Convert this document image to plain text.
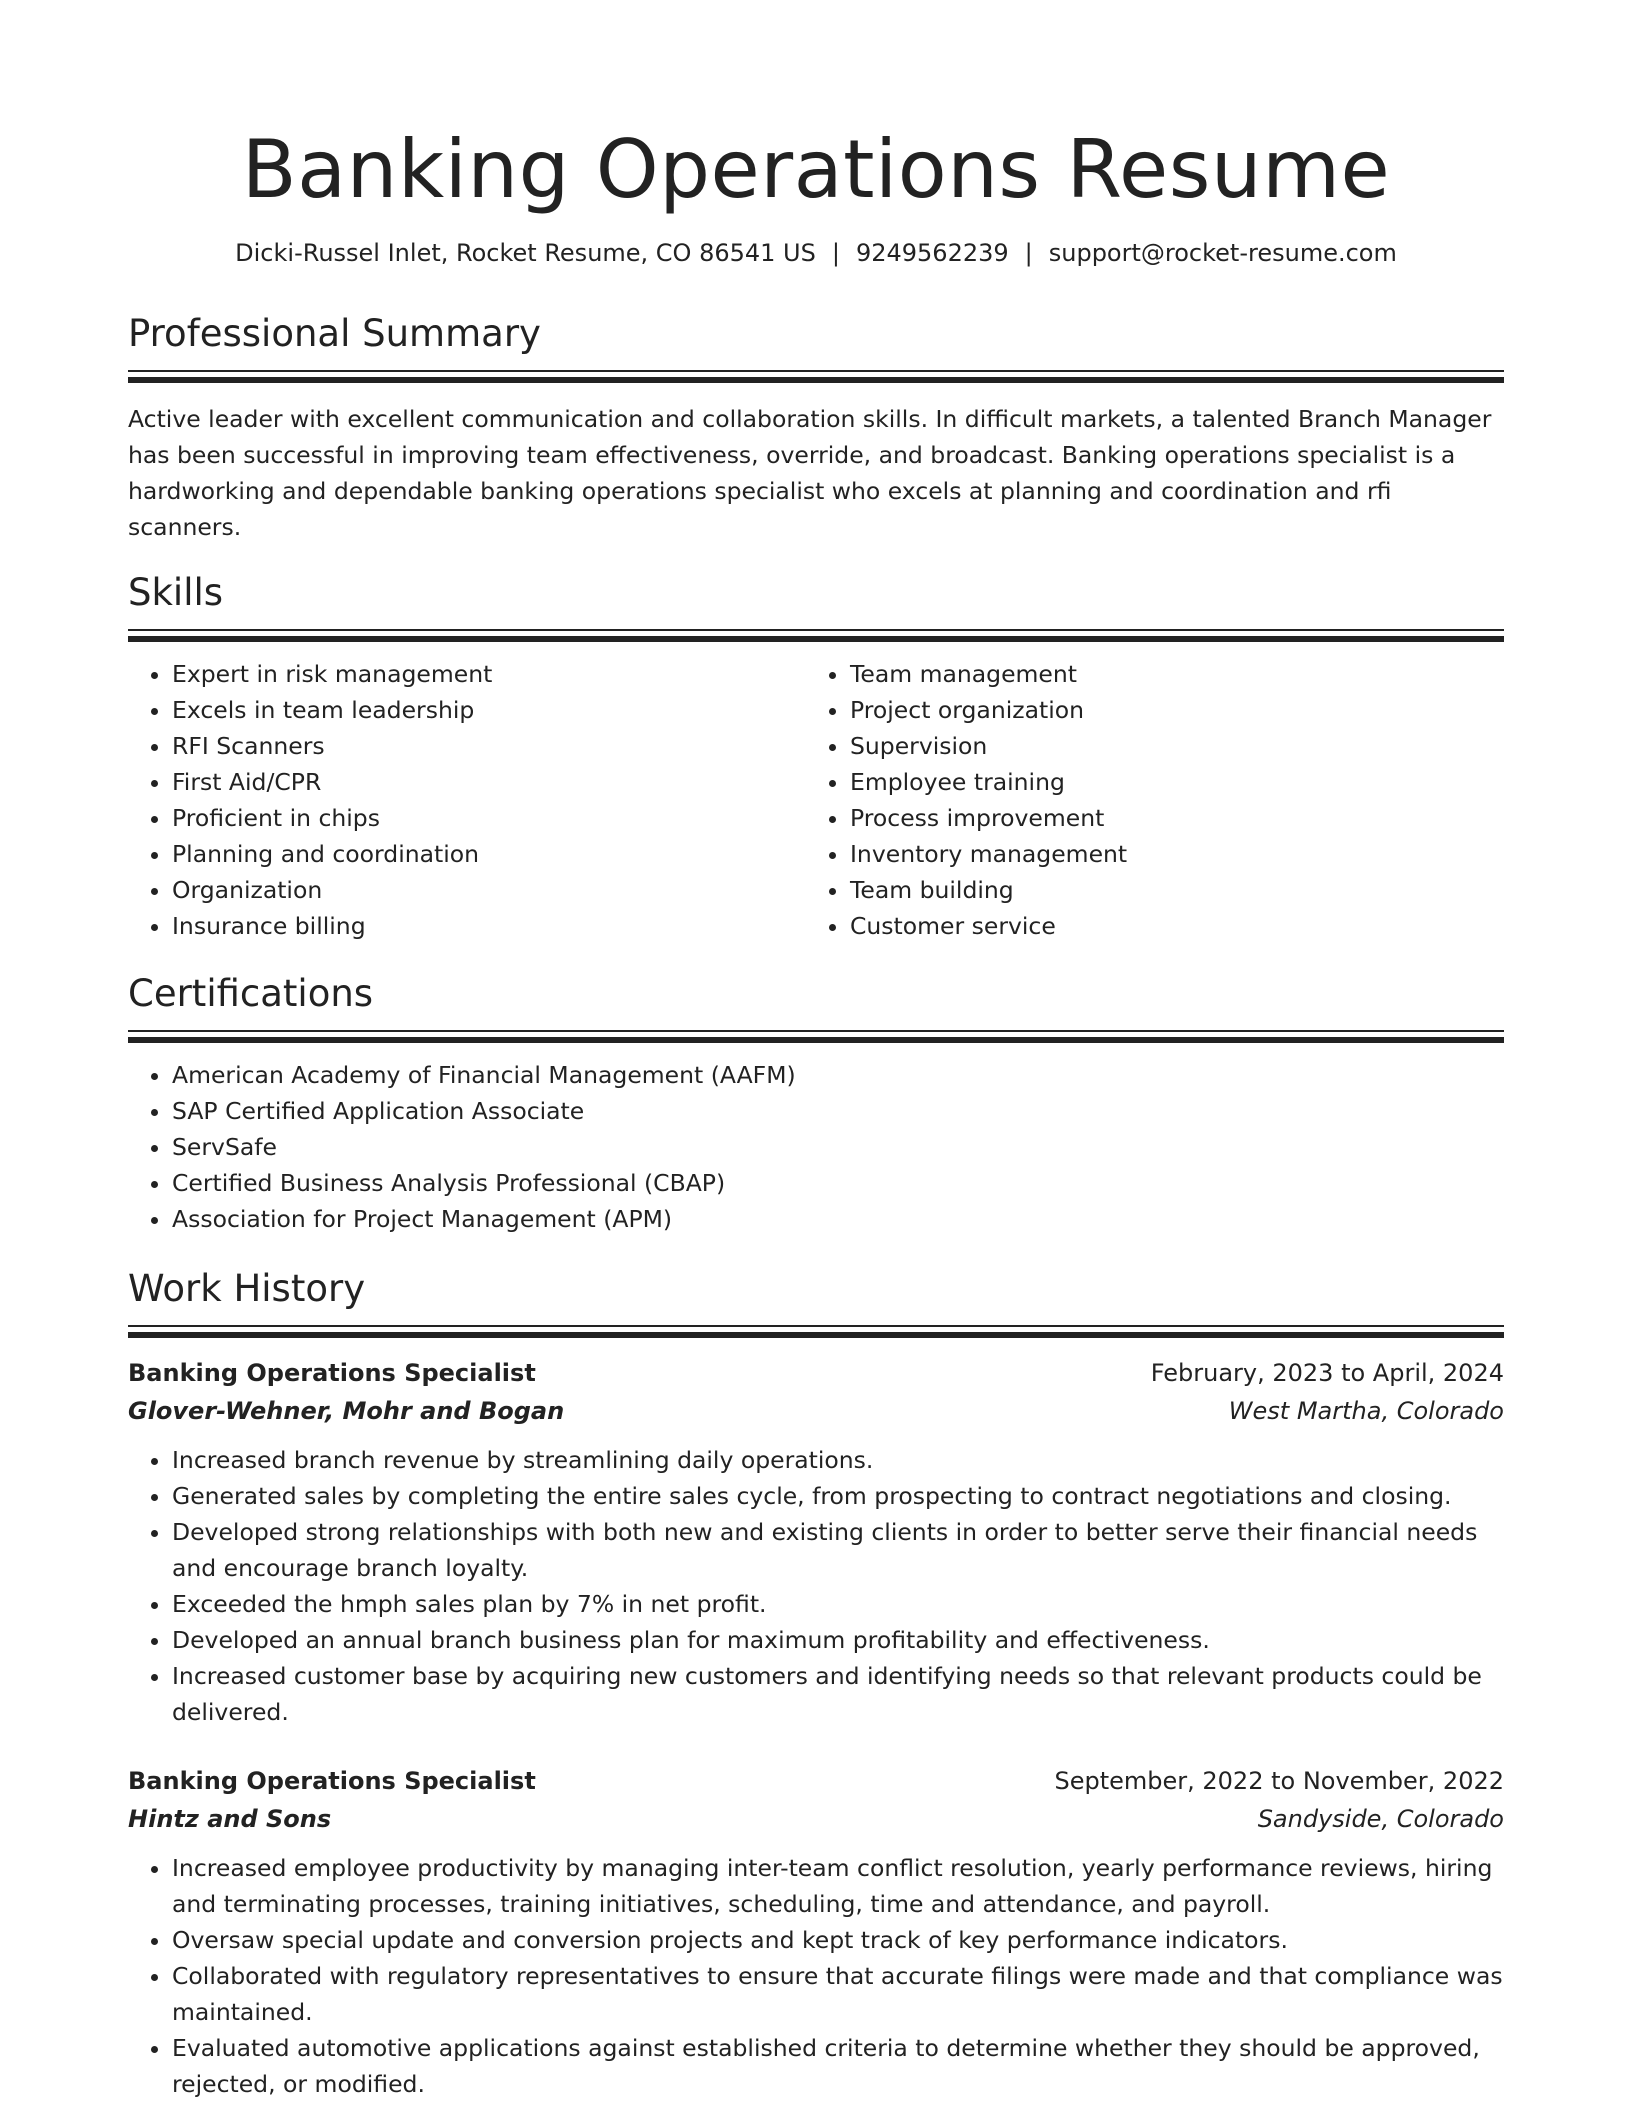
Banking Operations Resume
Dicki-Russel Inlet, Rocket Resume, CO 86541 US | 9249562239 | support@rocket-resume.com
Professional Summary

Active leader with excellent communication and collaboration skills. In difficult markets, a talented Branch Manager has been successful in improving team effectiveness, override, and broadcast. Banking operations specialist is a hardworking and dependable banking operations specialist who excels at planning and coordination and rfi scanners.

Skills
• Expert in risk management
• Excels in team leadership
• RFI Scanners
• First Aid/CPR
• Proficient in chips
• Planning and coordination
• Organization
• Insurance billing
• Team management
• Project organization
• Supervision
• Employee training
• Process improvement
• Inventory management
• Team building
• Customer service
Certifications
• American Academy of Financial Management (AAFM)
• SAP Certified Application Associate
• ServSafe
• Certified Business Analysis Professional (CBAP)
• Association for Project Management (APM)
Work History
Banking Operations Specialist	February, 2023 to April, 2024
Glover-Wehner, Mohr and Bogan	West Martha, Colorado
• Increased branch revenue by streamlining daily operations.
• Generated sales by completing the entire sales cycle, from prospecting to contract negotiations and closing.
• Developed strong relationships with both new and existing clients in order to better serve their financial needs and encourage branch loyalty.
• Exceeded the hmph sales plan by 7% in net profit.
• Developed an annual branch business plan for maximum profitability and effectiveness.
• Increased customer base by acquiring new customers and identifying needs so that relevant products could be delivered.
Banking Operations Specialist	September, 2022 to November, 2022
Hintz and Sons	Sandyside, Colorado
• Increased employee productivity by managing inter-team conflict resolution, yearly performance reviews, hiring and terminating processes, training initiatives, scheduling, time and attendance, and payroll.
• Oversaw special update and conversion projects and kept track of key performance indicators.
• Collaborated with regulatory representatives to ensure that accurate filings were made and that compliance was maintained.
• Evaluated automotive applications against established criteria to determine whether they should be approved, rejected, or modified.
